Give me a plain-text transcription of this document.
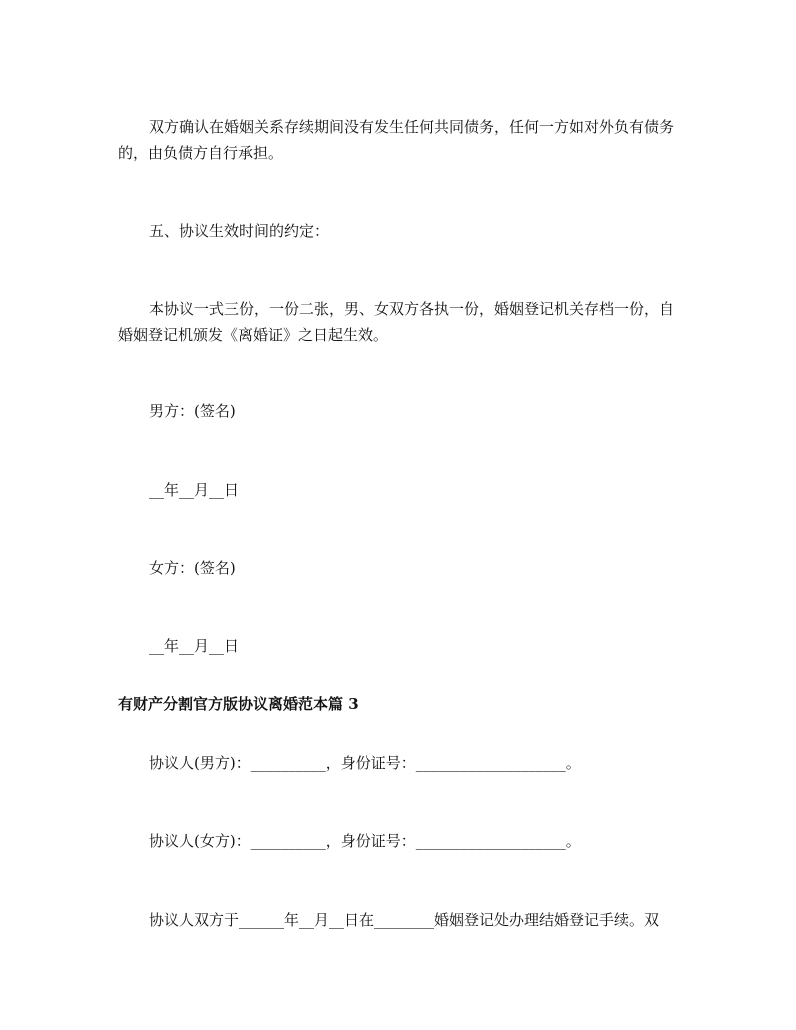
双方确认在婚姻关系存续期间没有发生任何共同债务，任何一方如对外负有债务的，由负债方自行承担。

五、协议生效时间的约定：

本协议一式三份，一份二张，男、女双方各执一份，婚姻登记机关存档一份，自婚姻登记机颁发《离婚证》之日起生效。

男方：(签名)

__年__月__日

女方：(签名)

__年__月__日

有财产分割官方版协议离婚范本篇 3

协议人(男方)：__________，身份证号：____________________。

协议人(女方)：__________，身份证号：____________________。

协议人双方于______年__月__日在________婚姻登记处办理结婚登记手续。双
